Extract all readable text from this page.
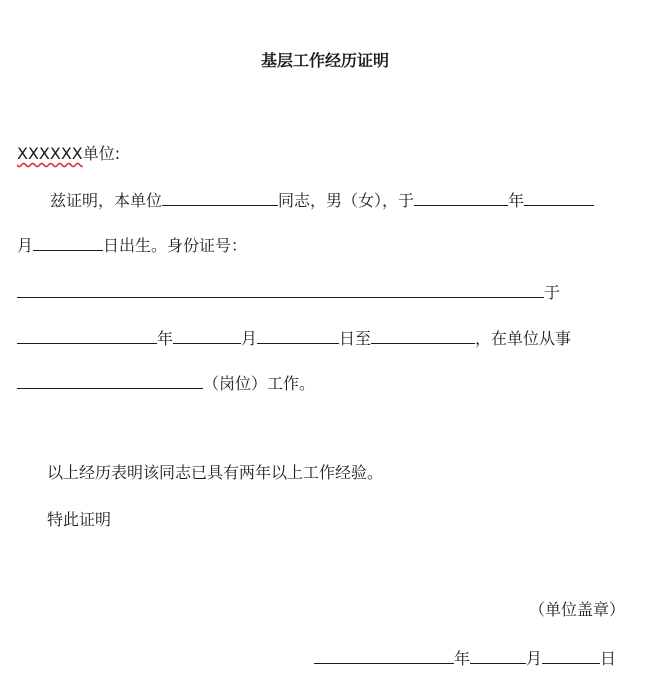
基层工作经历证明
XXXXXX单位:
兹证明，本单位	同志，男（女），于	年
月	日出生。身份证号：
于
年	月	日至	，在单位从事
（岗位）工作。
以上经历表明该同志已具有两年以上工作经验。
特此证明
（单位盖章）
年	月	日
